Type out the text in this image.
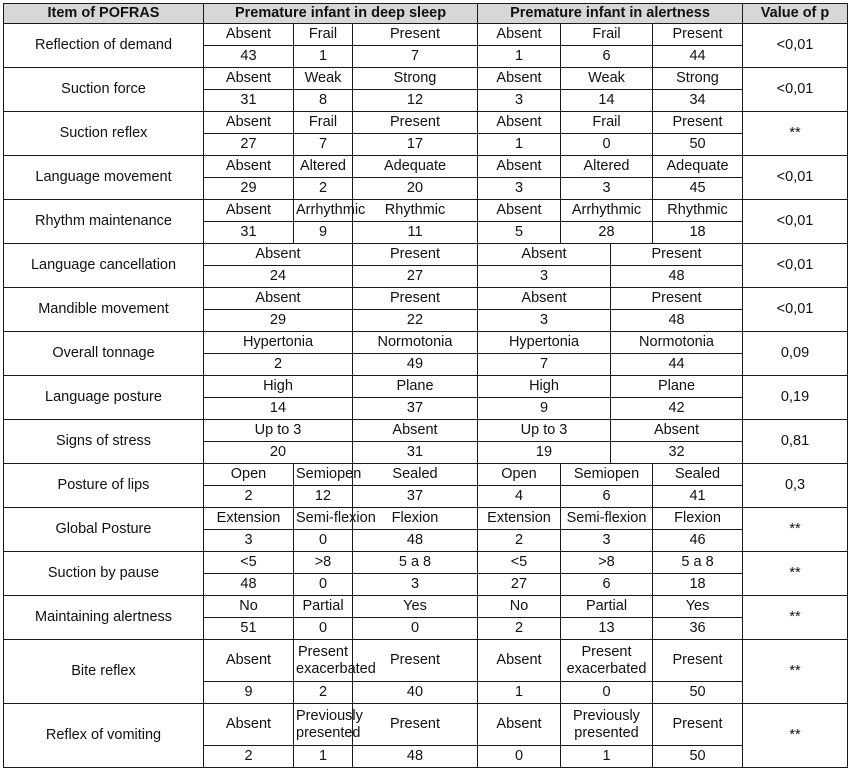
Item of POFRAS	Premature infant in deep sleep			Premature infant in alertness				Value of p
Reflection of demand	Absent	Frail	Present	Absent	Frail		Present	<0,01
	43	1	7	1	6		44	
Suction force	Absent	Weak	Strong	Absent	Weak		Strong	<0,01
	31	8	12	3	14		34	
Suction reflex	Absent	Frail	Present	Absent	Frail		Present	**
	27	7	17	1	0		50	
Language movement	Absent	Altered	Adequate	Absent	Altered		Adequate	<0,01
	29	2	20	3	3		45	
Rhythm maintenance	Absent	Arrhythmic	Rhythmic	Absent	Arrhythmic		Rhythmic	<0,01
	31	9	11	5	28		18	
Language cancellation	Absent		Present	Absent		Present		<0,01
	24		27	3		48		
Mandible movement	Absent		Present	Absent		Present		<0,01
	29		22	3		48		
Overall tonnage	Hypertonia		Normotonia	Hypertonia		Normotonia		0,09
	2		49	7		44		
Language posture	High		Plane	High		Plane		0,19
	14		37	9		42		
Signs of stress	Up to 3		Absent	Up to 3		Absent		0,81
	20		31	19		32		
Posture of lips	Open	Semiopen	Sealed	Open	Semiopen		Sealed	0,3
	2	12	37	4	6		41	
Global Posture	Extension	Semi-flexion	Flexion	Extension	Semi-flexion		Flexion	**
	3	0	48	2	3		46	
Suction by pause	<5	>8	5 a 8	<5	>8		5 a 8	**
	48	0	3	27	6		18	
Maintaining alertness	No	Partial	Yes	No	Partial		Yes	**
	51	0	0	2	13		36	
Bite reflex	Absent	Present exacerbated	Present	Absent	Present exacerbated		Present	**
	9	2	40	1	0		50	
Reflex of vomiting	Absent	Previously presented	Present	Absent	Previously presented		Present	**
	2	1	48	0	1		50	
